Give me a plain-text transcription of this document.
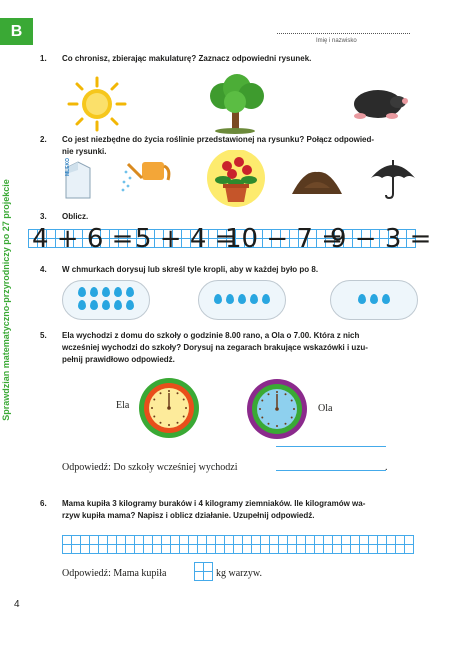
B
Sprawdzian matematyczno-przyrodniczy po 27 projekcie
Imię i nazwisko
1. Co chronisz, zbierając makulaturę? Zaznacz odpowiedni rysunek.
2. Co jest niezbędne do życia roślinie przedstawionej na rysunku? Połącz odpowied-
nie rysunki.
MLEKO
3. Oblicz.
4 + 6 = 5 + 4 =
10 − 7 =
9 − 3 =
4. W chmurkach dorysuj lub skreśl tyle kropli, aby w każdej było po 8.
5. Ela wychodzi z domu do szkoły o godzinie 8.00 rano, a Ola o 7.00. Która z nich
wcześniej wychodzi do szkoły? Dorysuj na zegarach brakujące wskazówki i uzu-
pełnij prawidłowo odpowiedź.
Ela	Ola
Odpowiedź: Do szkoły wcześniej wychodzi	.
6. Mama kupiła 3 kilogramy buraków i 4 kilogramy ziemniaków. Ile kilogramów wa-
rzyw kupiła mama? Napisz i oblicz działanie. Uzupełnij odpowiedź.
Odpowiedź: Mama kupiła	kg warzyw.
4
